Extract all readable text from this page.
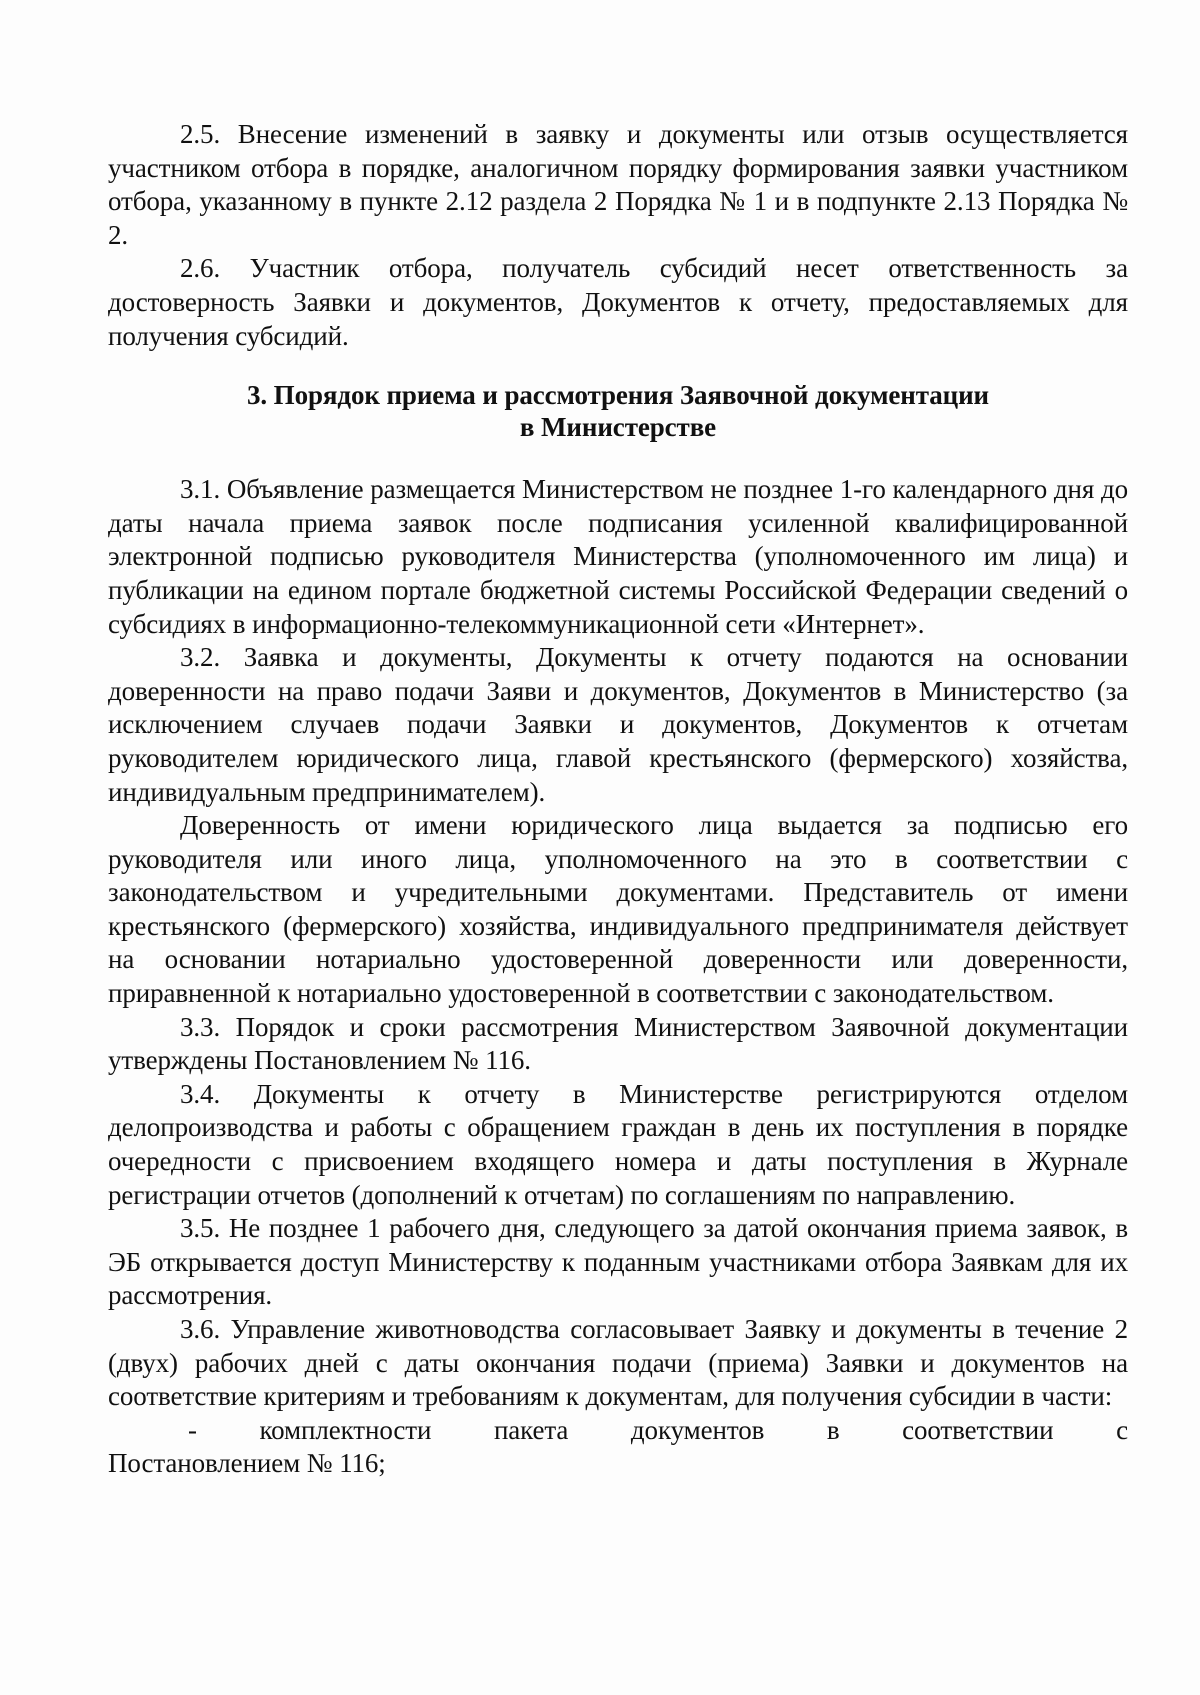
2.5. Внесение изменений в заявку и документы или отзыв осуществляется участником отбора в порядке, аналогичном порядку формирования заявки участником отбора, указанному в пункте 2.12 раздела 2 Порядка № 1 и в подпункте 2.13 Порядка № 2.

2.6. Участник отбора, получатель субсидий несет ответственность за достоверность Заявки и документов, Документов к отчету, предоставляемых для получения субсидий.

3. Порядок приема и рассмотрения Заявочной документации
в Министерстве

3.1. Объявление размещается Министерством не позднее 1-го календарного дня до даты начала приема заявок после подписания усиленной квалифицированной электронной подписью руководителя Министерства (уполномоченного им лица) и публикации на едином портале бюджетной системы Российской Федерации сведений о субсидиях в информационно-телекоммуникационной сети «Интернет».

3.2. Заявка и документы, Документы к отчету подаются на основании доверенности на право подачи Заяви и документов, Документов в Министерство (за исключением случаев подачи Заявки и документов, Документов к отчетам руководителем юридического лица, главой крестьянского (фермерского) хозяйства, индивидуальным предпринимателем).

Доверенность от имени юридического лица выдается за подписью его руководителя или иного лица, уполномоченного на это в соответствии с законодательством и учредительными документами. Представитель от имени крестьянского (фермерского) хозяйства, индивидуального предпринимателя действует на основании нотариально удостоверенной доверенности или доверенности, приравненной к нотариально удостоверенной в соответствии с законодательством.

3.3. Порядок и сроки рассмотрения Министерством Заявочной документации утверждены Постановлением № 116.

3.4. Документы к отчету в Министерстве регистрируются отделом делопроизводства и работы с обращением граждан в день их поступления в порядке очередности с присвоением входящего номера и даты поступления в Журнале регистрации отчетов (дополнений к отчетам) по соглашениям по направлению.

3.5. Не позднее 1 рабочего дня, следующего за датой окончания приема заявок, в ЭБ открывается доступ Министерству к поданным участниками отбора Заявкам для их рассмотрения.

3.6. Управление животноводства согласовывает Заявку и документы в течение 2 (двух) рабочих дней с даты окончания подачи (приема) Заявки и документов на соответствие критериям и требованиям к документам, для получения субсидии в части:

- комплектности пакета документов в соответствии с
Постановлением № 116;
